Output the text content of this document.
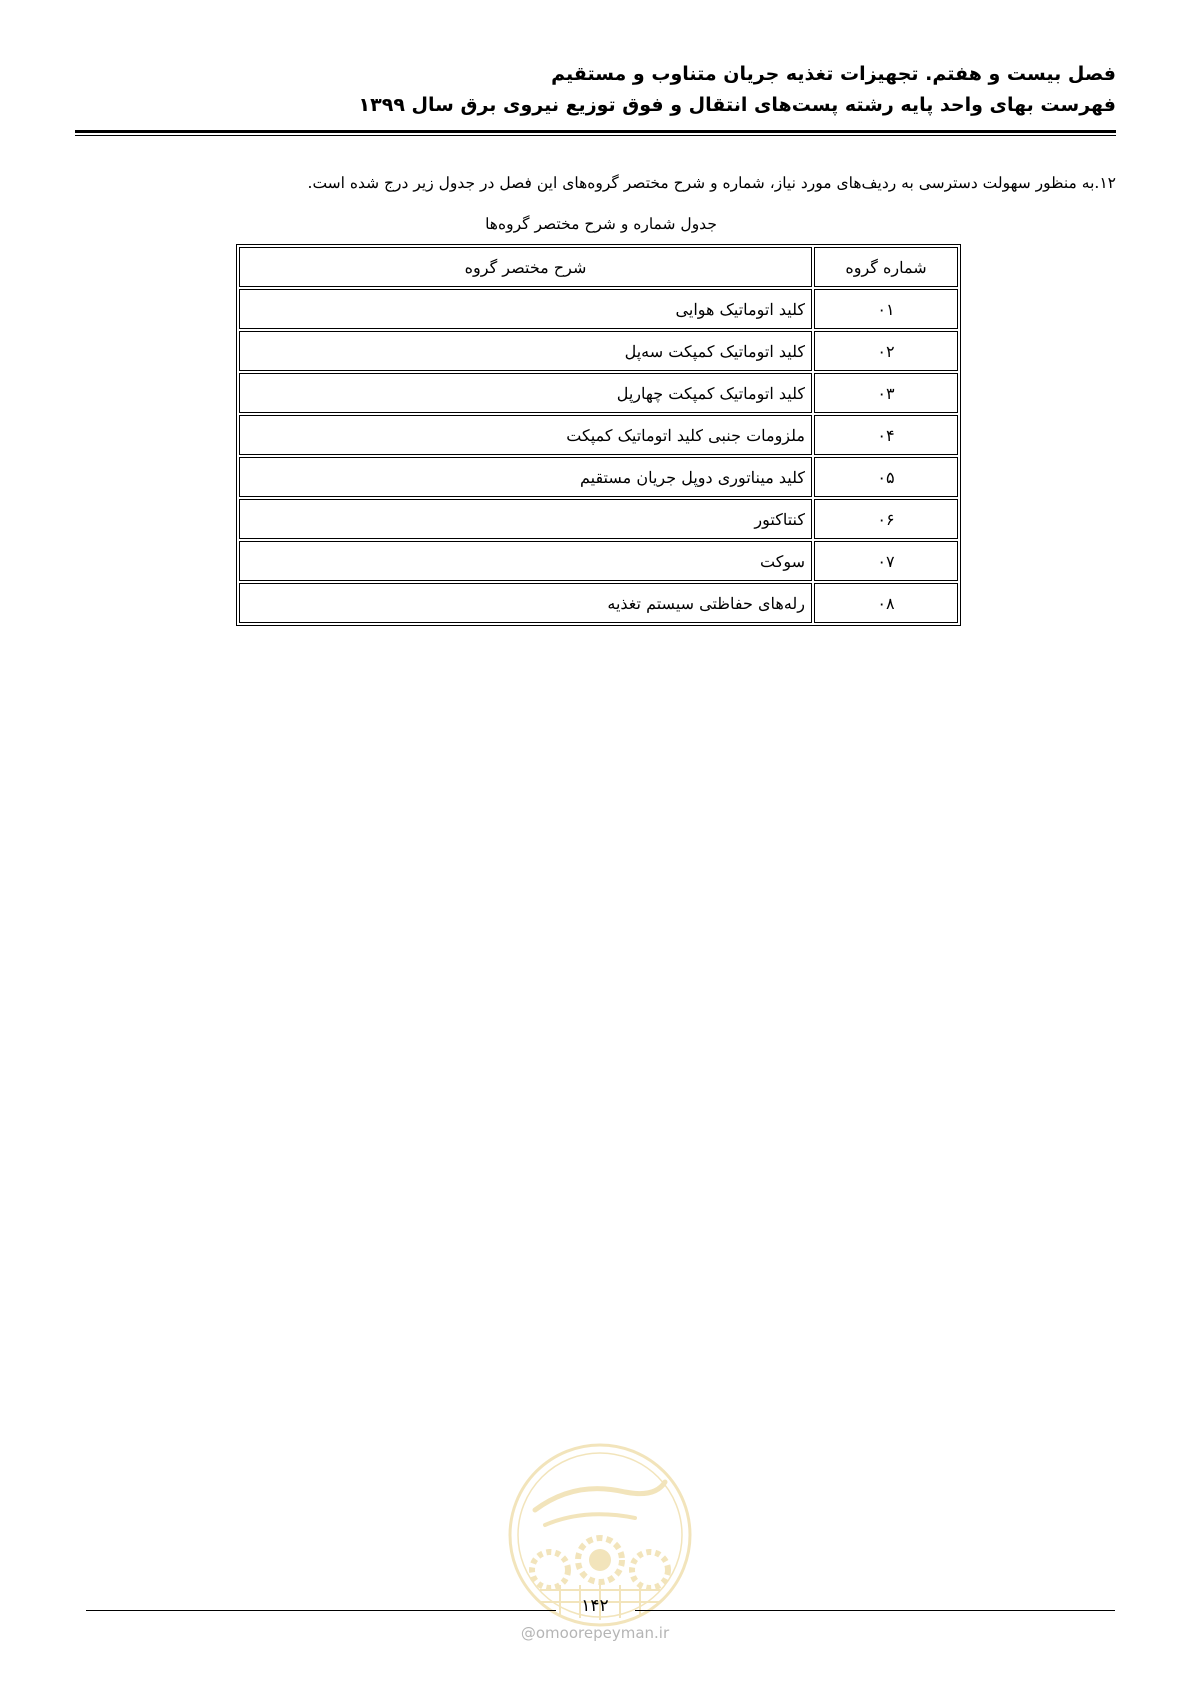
فصل بیست و هفتم. تجهیزات تغذیه جریان متناوب و مستقیم
فهرست بهای واحد پایه رشته پست‌های انتقال و فوق توزیع نیروی برق سال ۱۳۹۹
۱۲.به منظور سهولت دسترسی به ردیف‌های مورد نیاز، شماره و شرح مختصر گروه‌های این فصل در جدول زیر درج شده است.
جدول شماره و شرح مختصر گروه‌ها
شماره گروه	شرح مختصر گروه
۰۱	کلید اتوماتیک هوایی
۰۲	کلید اتوماتیک کمپکت سه‌پل
۰۳	کلید اتوماتیک کمپکت چهارپل
۰۴	ملزومات جنبی کلید اتوماتیک کمپکت
۰۵	کلید میناتوری دوپل جریان مستقیم
۰۶	کنتاکتور
۰۷	سوکت
۰۸	رله‌های حفاظتی سیستم تغذیه
۱۴۲
@omoorepeyman.ir
